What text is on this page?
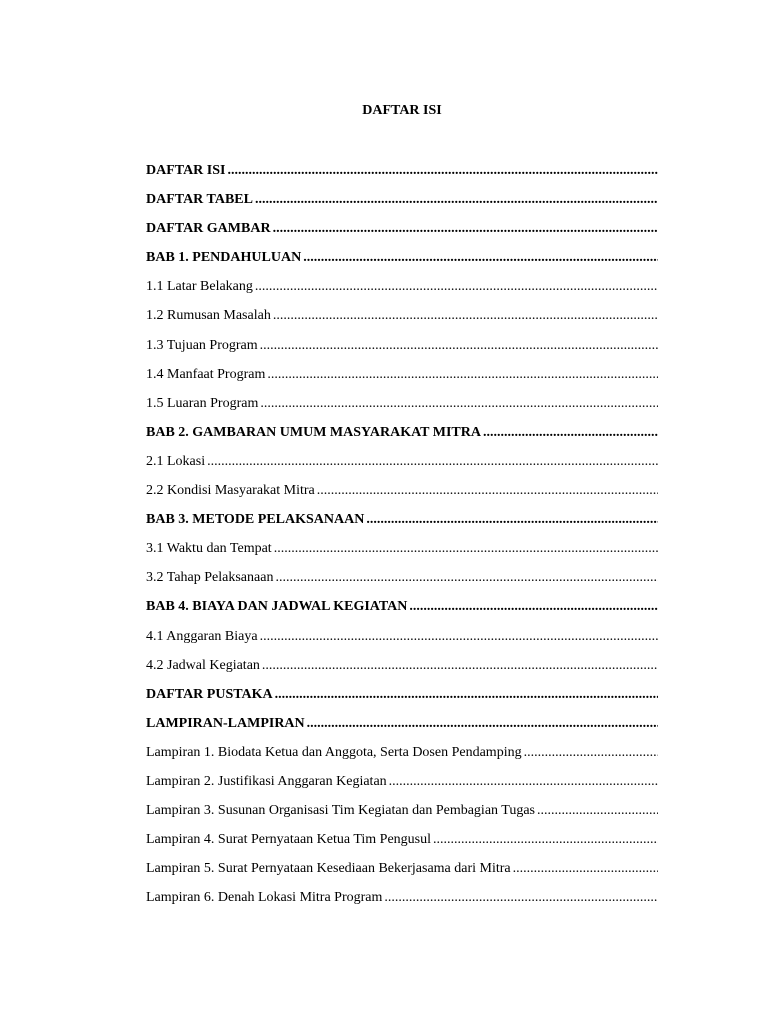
DAFTAR ISI
DAFTAR ISI
.....
DAFTAR TABEL
.....
DAFTAR GAMBAR
.....
BAB 1. PENDAHULUAN
.....
1.1 Latar Belakang
.....
1.2 Rumusan Masalah
.....
1.3 Tujuan Program
.....
1.4 Manfaat Program
.....
1.5 Luaran Program
.....
BAB 2. GAMBARAN UMUM MASYARAKAT MITRA
.....
2.1 Lokasi
.....
2.2 Kondisi Masyarakat Mitra
.....
BAB 3. METODE PELAKSANAAN
.....
3.1 Waktu dan Tempat
.....
3.2 Tahap Pelaksanaan
.....
BAB 4. BIAYA DAN JADWAL KEGIATAN
.....
4.1 Anggaran Biaya
.....
4.2 Jadwal Kegiatan
.....
DAFTAR PUSTAKA
.....
LAMPIRAN-LAMPIRAN
.....
Lampiran 1. Biodata Ketua dan Anggota, Serta Dosen Pendamping
.....
Lampiran 2. Justifikasi Anggaran Kegiatan
.....
Lampiran 3. Susunan Organisasi Tim Kegiatan dan Pembagian Tugas
.....
Lampiran 4. Surat Pernyataan Ketua Tim Pengusul
.....
Lampiran 5. Surat Pernyataan Kesediaan Bekerjasama dari Mitra
.....
Lampiran 6. Denah Lokasi Mitra Program
.....
